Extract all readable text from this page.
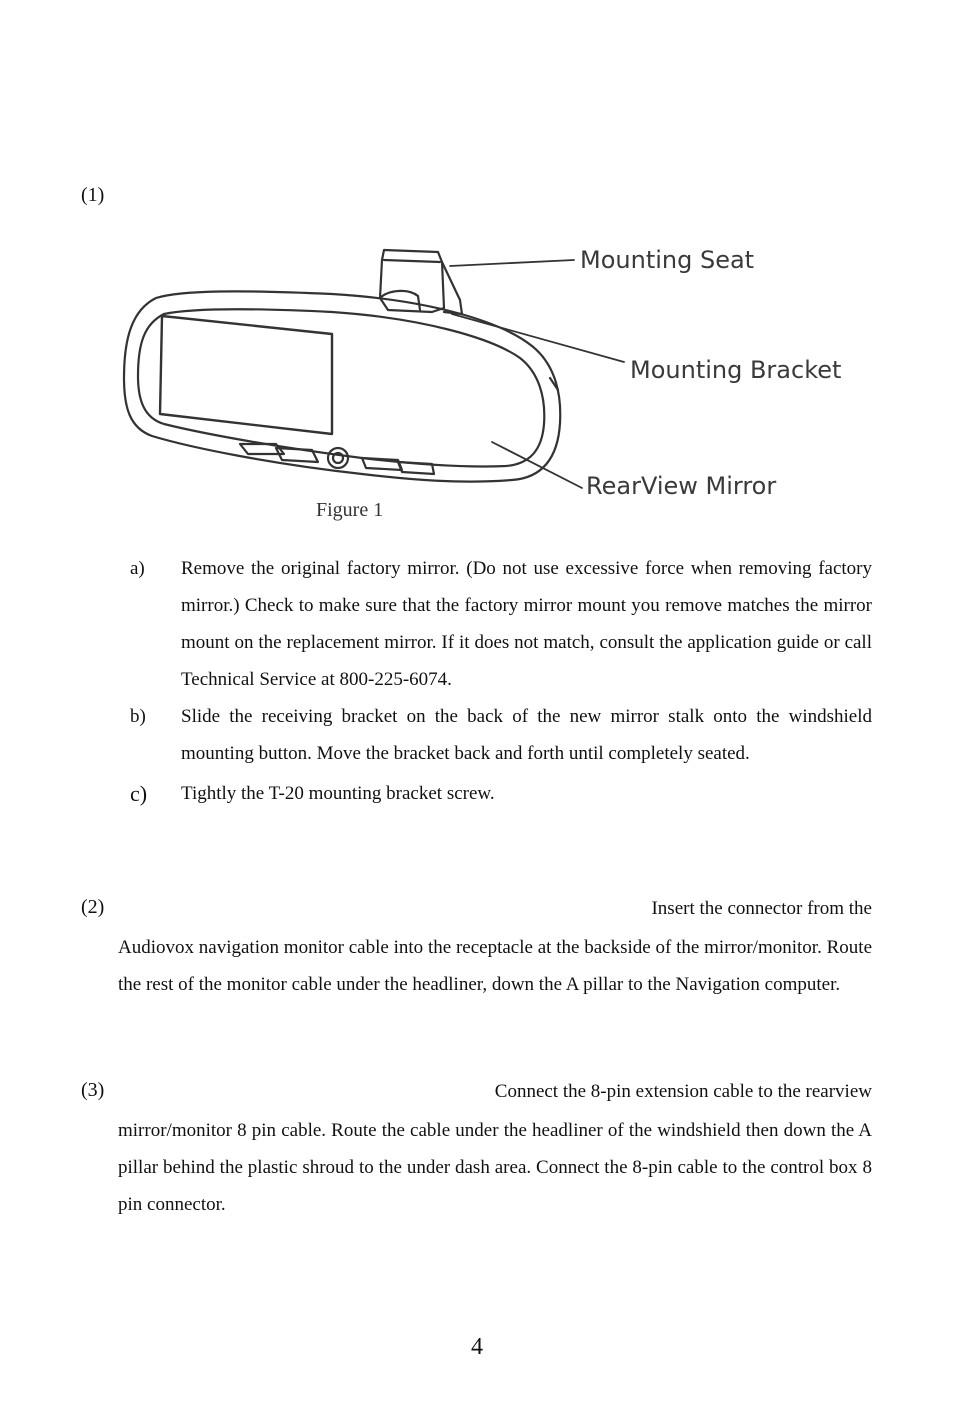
(1)
Mounting Seat
Mounting Bracket
RearView Mirror
Figure 1
a)	Remove the original factory mirror. (Do not use excessive force when removing factory mirror.) Check to make sure that the factory mirror mount you remove matches the mirror mount on the replacement mirror. If it does not match, consult the application guide or call Technical Service at 800-225-6074.
b)	Slide the receiving bracket on the back of the new mirror stalk onto the windshield mounting button. Move the bracket back and forth until completely seated.
c)	Tightly the T-20 mounting bracket screw.
(2)	Insert the connector from the
Audiovox navigation monitor cable into the receptacle at the backside of the mirror/monitor. Route the rest of the monitor cable under the headliner, down the A pillar to the Navigation computer.
(3)	Connect the 8-pin extension cable to the rearview
mirror/monitor 8 pin cable. Route the cable under the headliner of the windshield then down the A pillar behind the plastic shroud to the under dash area. Connect the 8-pin cable to the control box 8 pin connector.
4
